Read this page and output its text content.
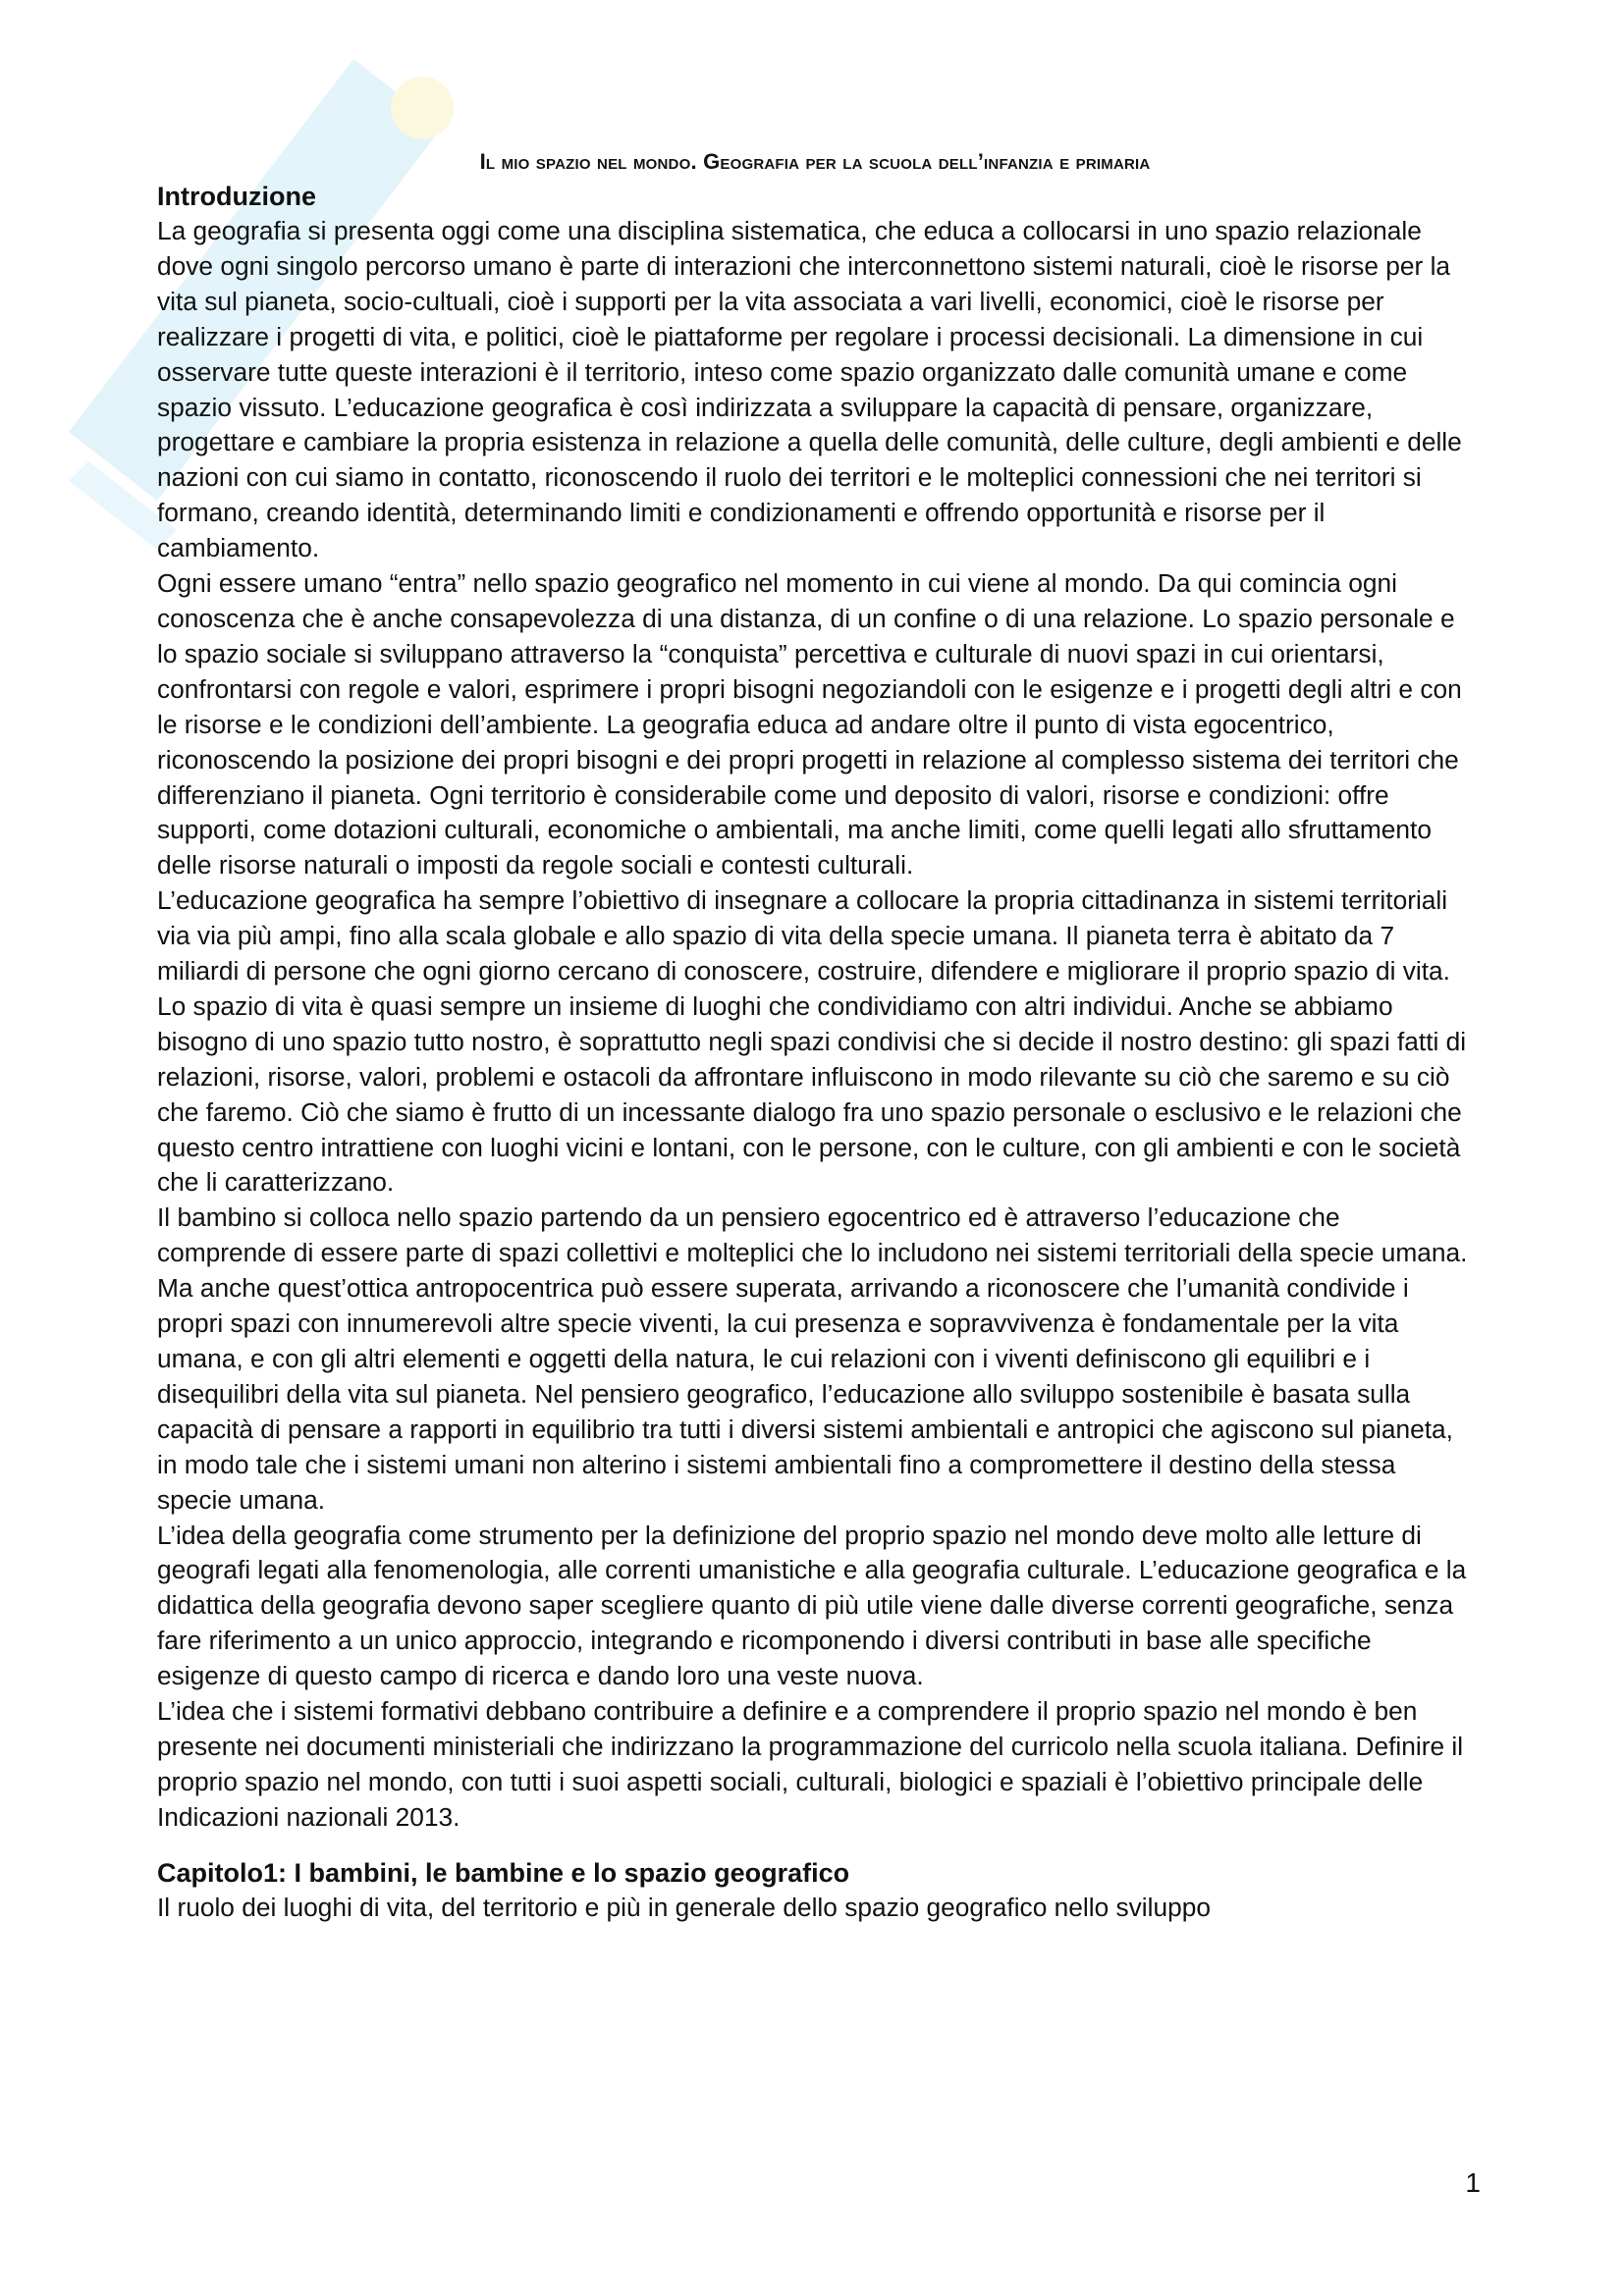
Il mio spazio nel mondo. Geografia per la scuola dell’infanzia e primaria
Introduzione

La geografia si presenta oggi come una disciplina sistematica, che educa a collocarsi in uno spazio relazionale dove ogni singolo percorso umano è parte di interazioni che interconnettono sistemi naturali, cioè le risorse per la vita sul pianeta, socio-cultuali, cioè i supporti per la vita associata a vari livelli, economici, cioè le risorse per realizzare i progetti di vita, e politici, cioè le piattaforme per regolare i processi decisionali. La dimensione in cui osservare tutte queste interazioni è il territorio, inteso come spazio organizzato dalle comunità umane e come spazio vissuto. L’educazione geografica è così indirizzata a sviluppare la capacità di pensare, organizzare, progettare e cambiare la propria esistenza in relazione a quella delle comunità, delle culture, degli ambienti e delle nazioni con cui siamo in contatto, riconoscendo il ruolo dei territori e le molteplici connessioni che nei territori si formano, creando identità, determinando limiti e condizionamenti e offrendo opportunità e risorse per il cambiamento.

Ogni essere umano “entra” nello spazio geografico nel momento in cui viene al mondo. Da qui comincia ogni conoscenza che è anche consapevolezza di una distanza, di un confine o di una relazione. Lo spazio personale e lo spazio sociale si sviluppano attraverso la “conquista” percettiva e culturale di nuovi spazi in cui orientarsi, confrontarsi con regole e valori, esprimere i propri bisogni negoziandoli con le esigenze e i progetti degli altri e con le risorse e le condizioni dell’ambiente. La geografia educa ad andare oltre il punto di vista egocentrico, riconoscendo la posizione dei propri bisogni e dei propri progetti in relazione al complesso sistema dei territori che differenziano il pianeta. Ogni territorio è considerabile come und deposito di valori, risorse e condizioni: offre supporti, come dotazioni culturali, economiche o ambientali, ma anche limiti, come quelli legati allo sfruttamento delle risorse naturali o imposti da regole sociali e contesti culturali.

L’educazione geografica ha sempre l’obiettivo di insegnare a collocare la propria cittadinanza in sistemi territoriali via via più ampi, fino alla scala globale e allo spazio di vita della specie umana. Il pianeta terra è abitato da 7 miliardi di persone che ogni giorno cercano di conoscere, costruire, difendere e migliorare il proprio spazio di vita. Lo spazio di vita è quasi sempre un insieme di luoghi che condividiamo con altri individui. Anche se abbiamo bisogno di uno spazio tutto nostro, è soprattutto negli spazi condivisi che si decide il nostro destino: gli spazi fatti di relazioni, risorse, valori, problemi e ostacoli da affrontare influiscono in modo rilevante su ciò che saremo e su ciò che faremo. Ciò che siamo è frutto di un incessante dialogo fra uno spazio personale o esclusivo e le relazioni che questo centro intrattiene con luoghi vicini e lontani, con le persone, con le culture, con gli ambienti e con le società che li caratterizzano.

Il bambino si colloca nello spazio partendo da un pensiero egocentrico ed è attraverso l’educazione che comprende di essere parte di spazi collettivi e molteplici che lo includono nei sistemi territoriali della specie umana. Ma anche quest’ottica antropocentrica può essere superata, arrivando a riconoscere che l’umanità condivide i propri spazi con innumerevoli altre specie viventi, la cui presenza e sopravvivenza è fondamentale per la vita umana, e con gli altri elementi e oggetti della natura, le cui relazioni con i viventi definiscono gli equilibri e i disequilibri della vita sul pianeta. Nel pensiero geografico, l’educazione allo sviluppo sostenibile è basata sulla capacità di pensare a rapporti in equilibrio tra tutti i diversi sistemi ambientali e antropici che agiscono sul pianeta, in modo tale che i sistemi umani non alterino i sistemi ambientali fino a compromettere il destino della stessa specie umana.

L’idea della geografia come strumento per la definizione del proprio spazio nel mondo deve molto alle letture di geografi legati alla fenomenologia, alle correnti umanistiche e alla geografia culturale. L’educazione geografica e la didattica della geografia devono saper scegliere quanto di più utile viene dalle diverse correnti geografiche, senza fare riferimento a un unico approccio, integrando e ricomponendo i diversi contributi in base alle specifiche esigenze di questo campo di ricerca e dando loro una veste nuova.

L’idea che i sistemi formativi debbano contribuire a definire e a comprendere il proprio spazio nel mondo è ben presente nei documenti ministeriali che indirizzano la programmazione del curricolo nella scuola italiana. Definire il proprio spazio nel mondo, con tutti i suoi aspetti sociali, culturali, biologici e spaziali è l’obiettivo principale delle Indicazioni nazionali 2013.

Capitolo1: I bambini, le bambine e lo spazio geografico

Il ruolo dei luoghi di vita, del territorio e più in generale dello spazio geografico nello sviluppo

1
